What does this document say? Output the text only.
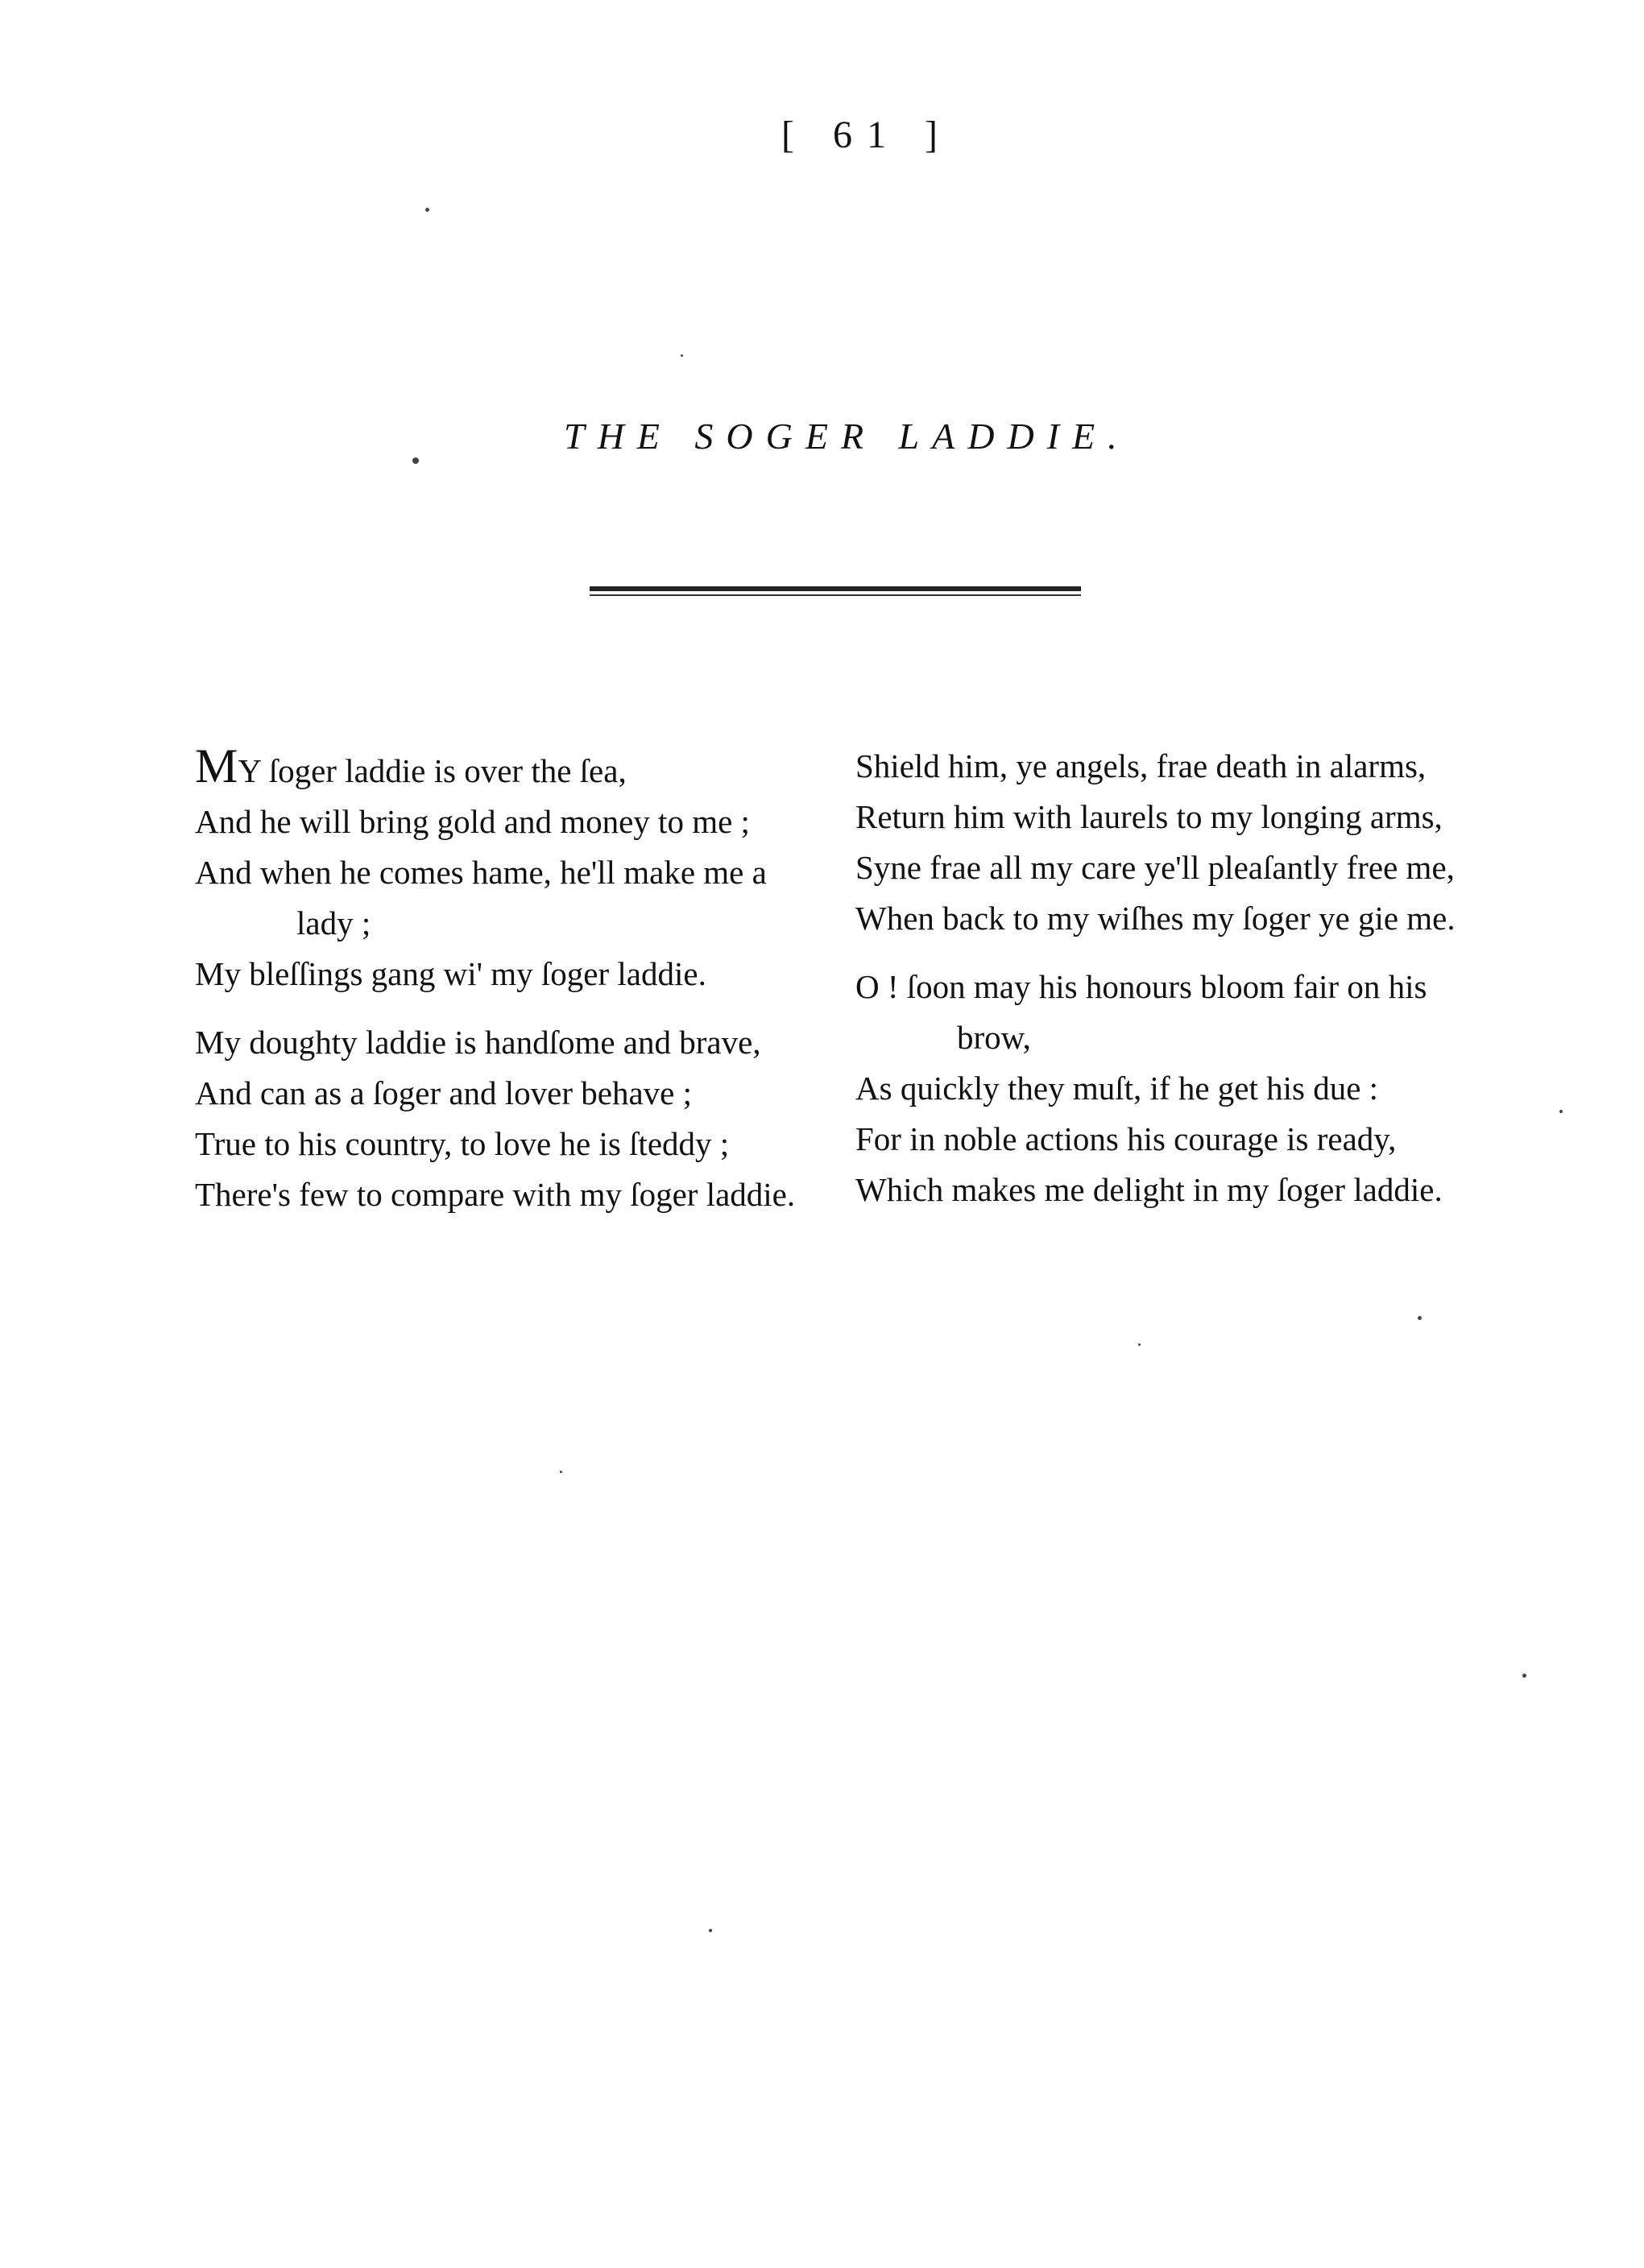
[ 61 ]
THE SOGER LADDIE.
MY ſoger laddie is over the ſea,
And he will bring gold and money to me ;
And when he comes hame, he'll make me a
lady ;
My bleſſings gang wi' my ſoger laddie.
My doughty laddie is handſome and brave,
And can as a ſoger and lover behave ;
True to his country, to love he is ſteddy ;
There's few to compare with my ſoger laddie.
Shield him, ye angels, frae death in alarms,
Return him with laurels to my longing arms,
Syne frae all my care ye'll pleaſantly free me,
When back to my wiſhes my ſoger ye gie me.
O ! ſoon may his honours bloom fair on his
brow,
As quickly they muſt, if he get his due :
For in noble actions his courage is ready,
Which makes me delight in my ſoger laddie.
